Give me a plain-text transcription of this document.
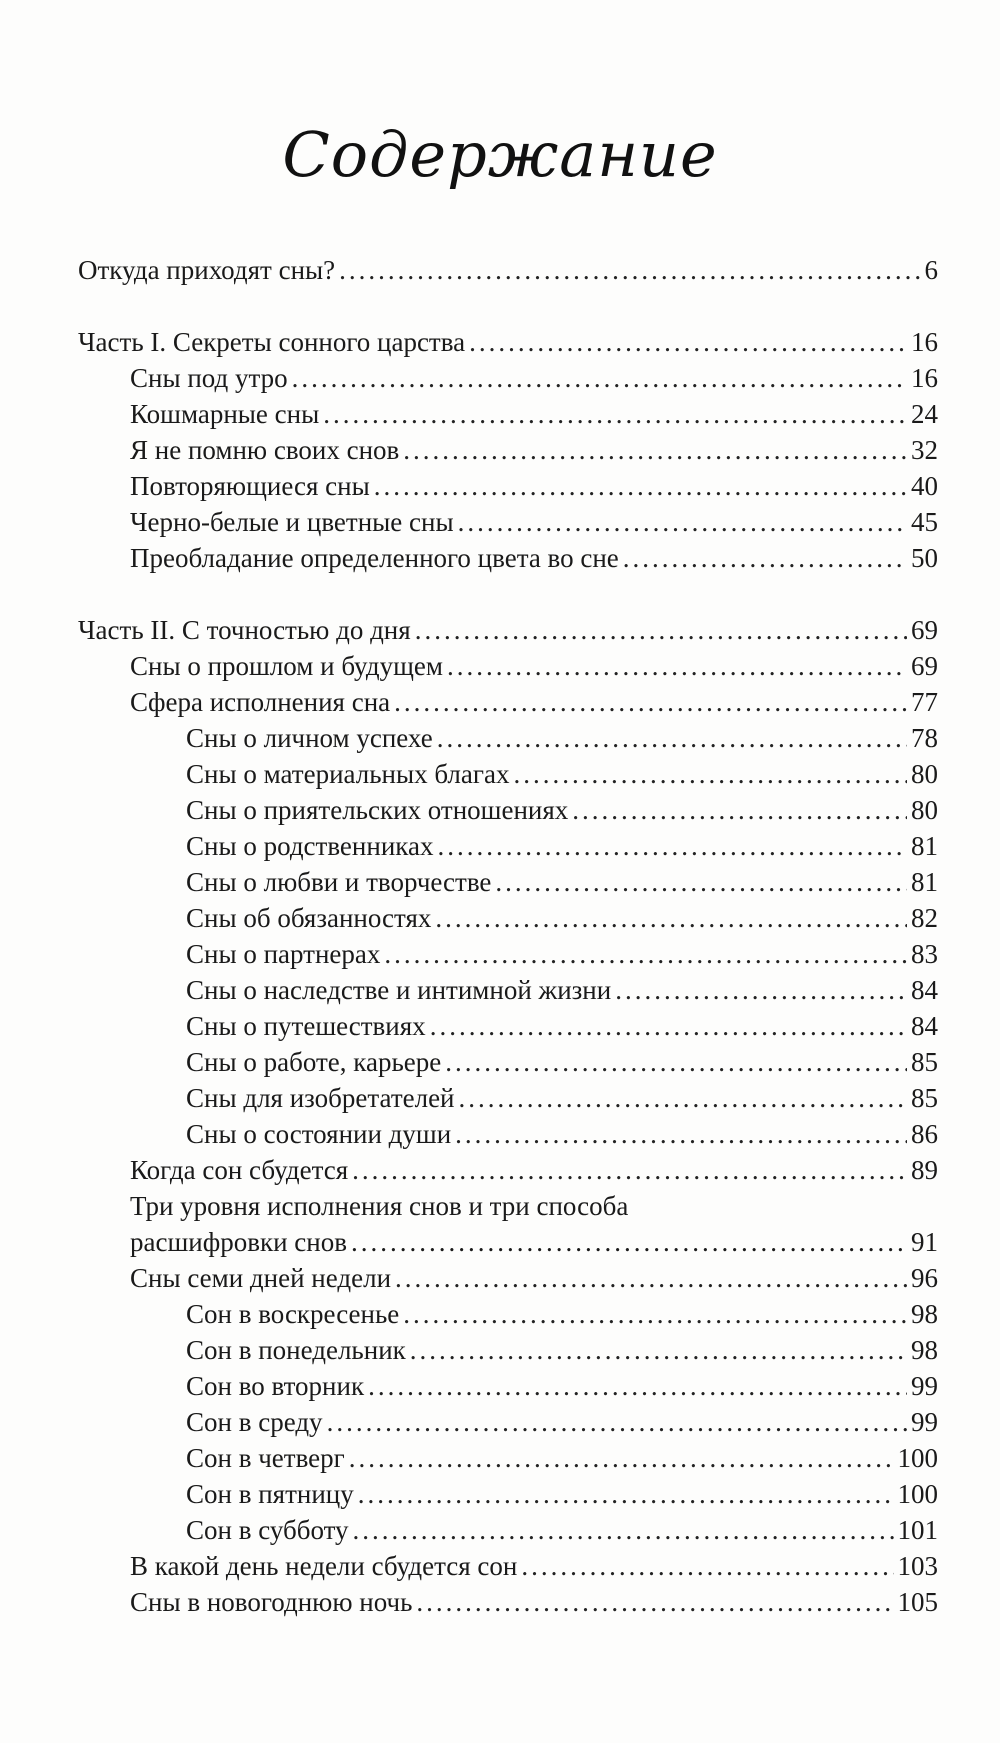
Содержание
Откуда приходят сны? .....	6
Часть I. Секреты сонного царства .....	16
Сны под утро .....	16
Кошмарные сны .....	24
Я не помню своих снов .....	32
Повторяющиеся сны .....	40
Черно-белые и цветные сны .....	45
Преобладание определенного цвета во сне .....	50
Часть II. С точностью до дня .....	69
Сны о прошлом и будущем .....	69
Сфера исполнения сна .....	77
Сны о личном успехе .....	78
Сны о материальных благах .....	80
Сны о приятельских отношениях .....	80
Сны о родственниках .....	81
Сны о любви и творчестве .....	81
Сны об обязанностях .....	82
Сны о партнерах .....	83
Сны о наследстве и интимной жизни .....	84
Сны о путешествиях .....	84
Сны о работе, карьере .....	85
Сны для изобретателей .....	85
Сны о состоянии души .....	86
Когда сон сбудется .....	89
Три уровня исполнения снов и три способа
расшифровки снов .....	91
Сны семи дней недели .....	96
Сон в воскресенье .....	98
Сон в понедельник .....	98
Сон во вторник .....	99
Сон в среду .....	99
Сон в четверг .....	100
Сон в пятницу .....	100
Сон в субботу .....	101
В какой день недели сбудется сон .....	103
Сны в новогоднюю ночь .....	105
